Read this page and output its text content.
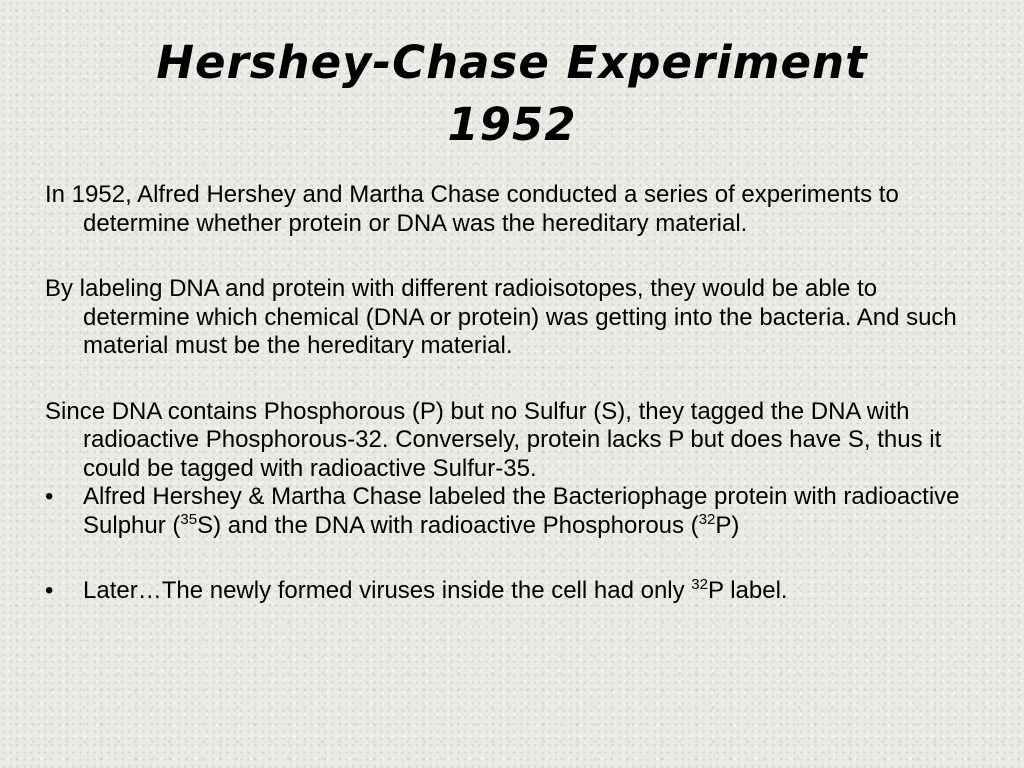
Hershey-Chase Experiment
1952

In 1952, Alfred Hershey and Martha Chase conducted a series of experiments to determine whether protein or DNA was the hereditary material.

By labeling DNA and protein with different radioisotopes, they would be able to determine which chemical (DNA or protein) was getting into the bacteria. And such material must be the hereditary material.

Since DNA contains Phosphorous (P) but no Sulfur (S), they tagged the DNA with radioactive Phosphorous-32. Conversely, protein lacks P but does have S, thus it could be tagged with radioactive Sulfur-35.

•	Alfred Hershey & Martha Chase labeled the Bacteriophage protein with radioactive Sulphur ($^{35}$S) and the DNA with radioactive Phosphorous ($^{32}$P)
•	Later…The newly formed viruses inside the cell had only $^{32}$P label.
